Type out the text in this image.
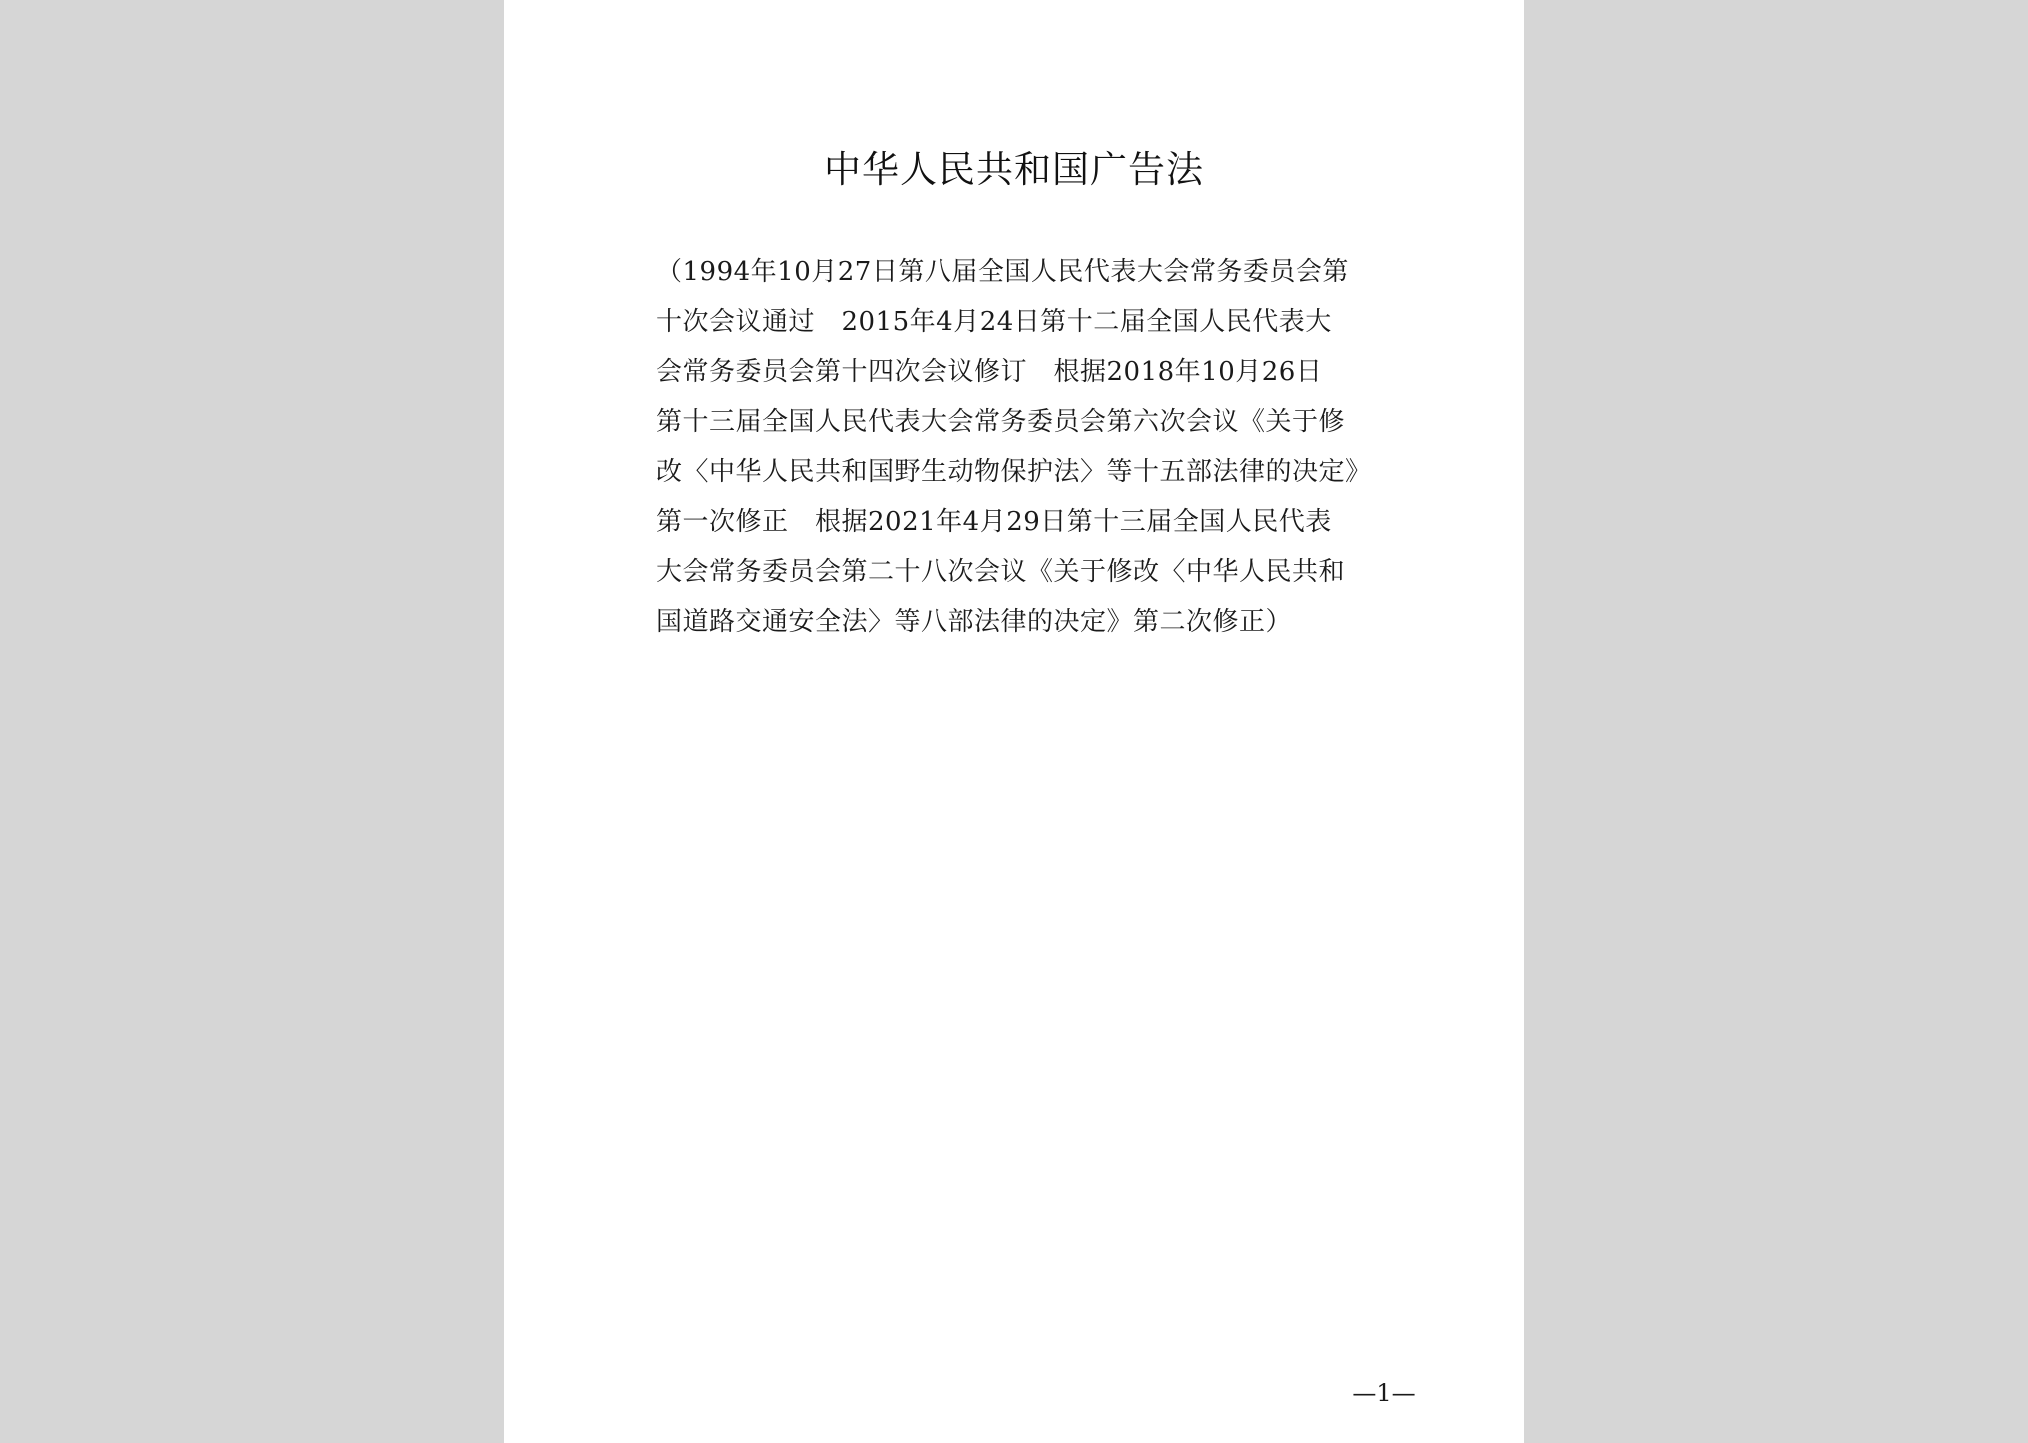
中华人民共和国广告法
（1994年10月27日第八届全国人民代表大会常务委员会第
十次会议通过　2015年4月24日第十二届全国人民代表大
会常务委员会第十四次会议修订　根据2018年10月26日
第十三届全国人民代表大会常务委员会第六次会议《关于修
改〈中华人民共和国野生动物保护法〉等十五部法律的决定》
第一次修正　根据2021年4月29日第十三届全国人民代表
大会常务委员会第二十八次会议《关于修改〈中华人民共和
国道路交通安全法〉等八部法律的决定》第二次修正）
—1—
